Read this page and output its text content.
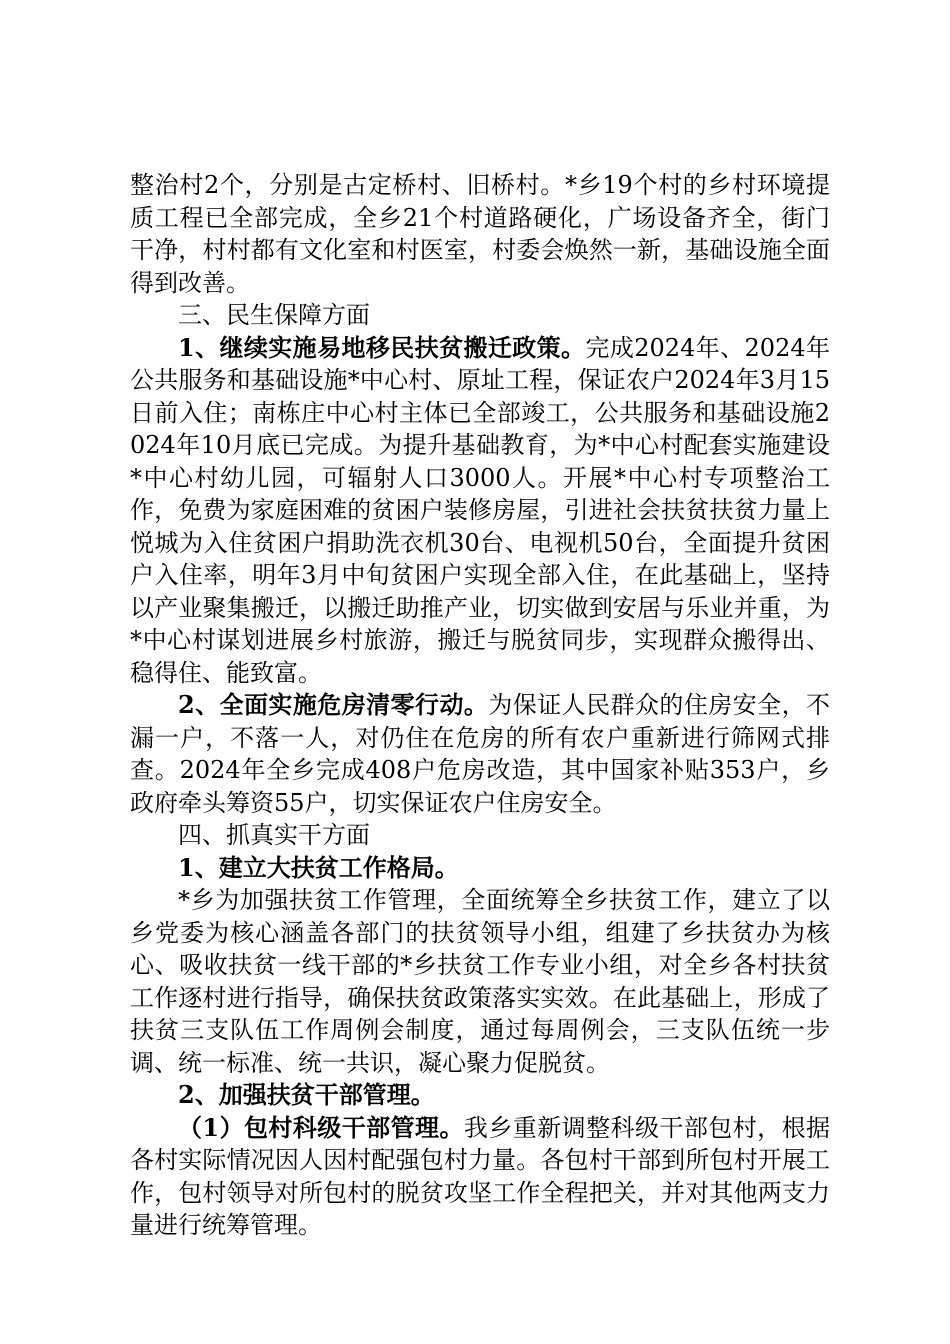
整治村2个，分别是古定桥村、旧桥村。*乡19个村的乡村环境提质工程已全部完成，全乡21个村道路硬化，广场设备齐全，街门干净，村村都有文化室和村医室，村委会焕然一新，基础设施全面得到改善。

三、民生保障方面

1、继续实施易地移民扶贫搬迁政策。完成2024年、2024年公共服务和基础设施*中心村、原址工程，保证农户2024年3月15日前入住；南栋庄中心村主体已全部竣工，公共服务和基础设施2024年10月底已完成。为提升基础教育，为*中心村配套实施建设*中心村幼儿园，可辐射人口3000人。开展*中心村专项整治工作，免费为家庭困难的贫困户装修房屋，引进社会扶贫扶贫力量上悦城为入住贫困户捐助洗衣机30台、电视机50台，全面提升贫困户入住率，明年3月中旬贫困户实现全部入住，在此基础上，坚持以产业聚集搬迁，以搬迁助推产业，切实做到安居与乐业并重，为*中心村谋划进展乡村旅游，搬迁与脱贫同步，实现群众搬得出、稳得住、能致富。

2、全面实施危房清零行动。为保证人民群众的住房安全，不漏一户，不落一人，对仍住在危房的所有农户重新进行筛网式排查。2024年全乡完成408户危房改造，其中国家补贴353户，乡政府牵头筹资55户，切实保证农户住房安全。

四、抓真实干方面

1、建立大扶贫工作格局。

*乡为加强扶贫工作管理，全面统筹全乡扶贫工作，建立了以乡党委为核心涵盖各部门的扶贫领导小组，组建了乡扶贫办为核心、吸收扶贫一线干部的*乡扶贫工作专业小组，对全乡各村扶贫工作逐村进行指导，确保扶贫政策落实实效。在此基础上，形成了扶贫三支队伍工作周例会制度，通过每周例会，三支队伍统一步调、统一标准、统一共识，凝心聚力促脱贫。

2、加强扶贫干部管理。

（1）包村科级干部管理。我乡重新调整科级干部包村，根据各村实际情况因人因村配强包村力量。各包村干部到所包村开展工作，包村领导对所包村的脱贫攻坚工作全程把关，并对其他两支力量进行统筹管理。
